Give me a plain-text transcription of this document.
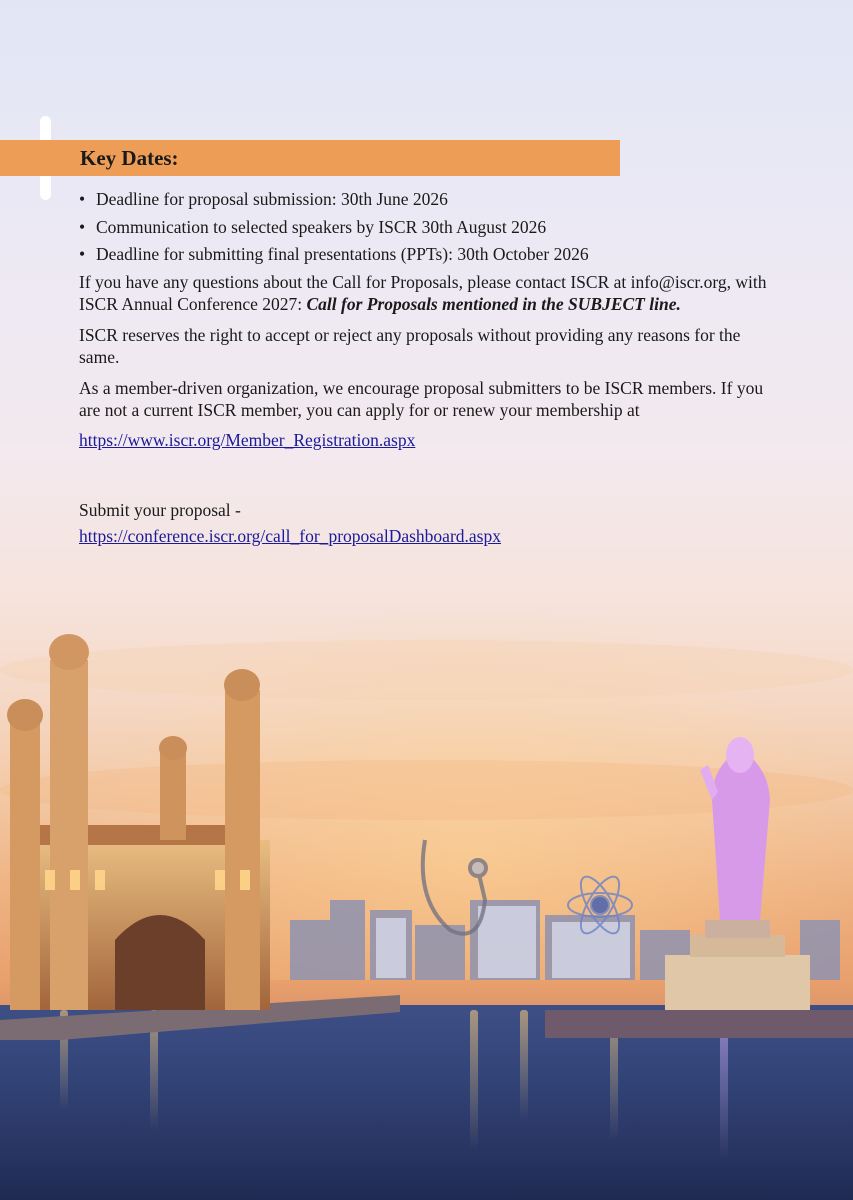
Key Dates:
• Deadline for proposal submission: 30th June 2026
• Communication to selected speakers by ISCR 30th August 2026
• Deadline for submitting final presentations (PPTs): 30th October 2026
If you have any questions about the Call for Proposals, please contact ISCR at info@iscr.org, with ISCR Annual Conference 2027: Call for Proposals mentioned in the SUBJECT line.
ISCR reserves the right to accept or reject any proposals without providing any reasons for the same.
As a member-driven organization, we encourage proposal submitters to be ISCR members. If you are not a current ISCR member, you can apply for or renew your membership at
https://www.iscr.org/Member_Registration.aspx
Submit your proposal -
https://conference.iscr.org/call_for_proposalDashboard.aspx
